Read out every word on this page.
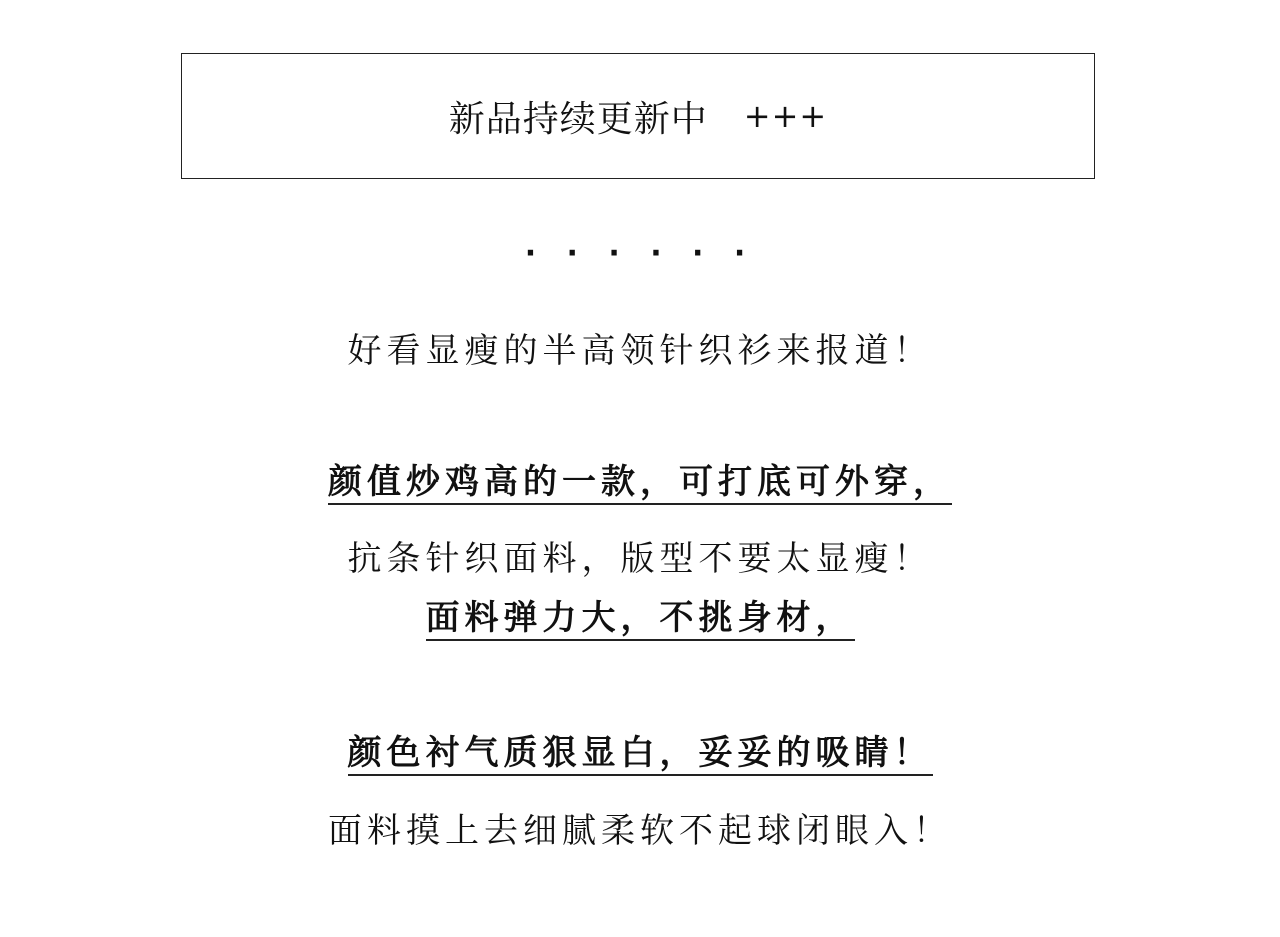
新品持续更新中 +++
· · · · · ·
好看显瘦的半高领针织衫来报道！
颜值炒鸡高的一款，可打底可外穿，
抗条针织面料，版型不要太显瘦！
面料弹力大，不挑身材，
颜色衬气质狠显白，妥妥的吸睛！
面料摸上去细腻柔软不起球闭眼入！
